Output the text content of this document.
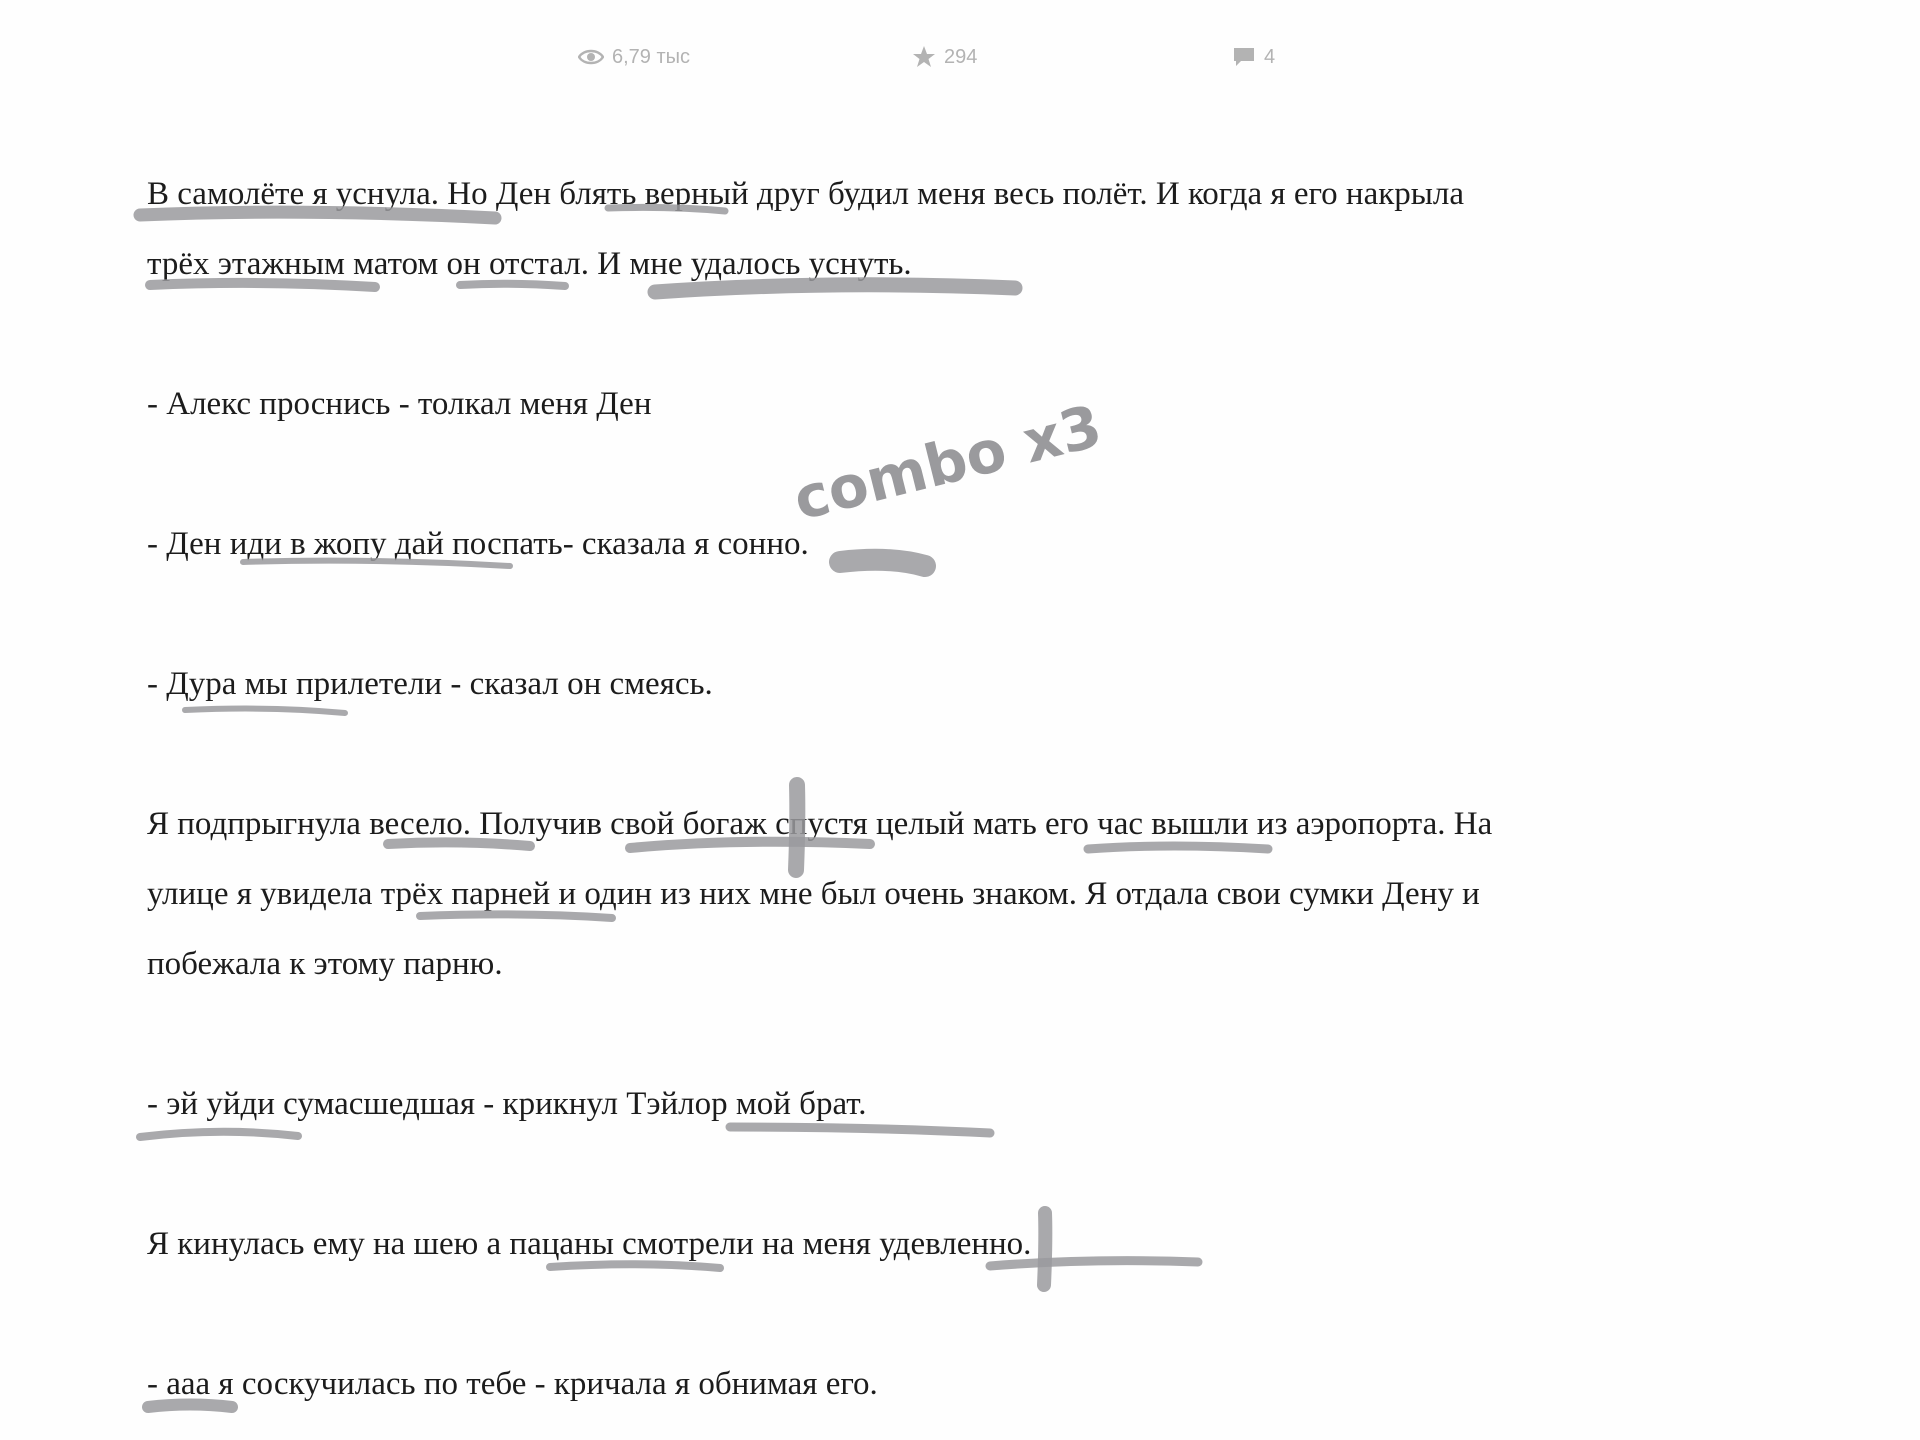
6,79 тыс	294	4

В самолёте я уснула. Но Ден блять верный друг будил меня весь полёт. И когда я его накрыла

трёх этажным матом он отстал. И мне удалось уснуть.

- Алекс проснись - толкал меня Ден

- Ден иди в жопу дай поспать- сказала я сонно.

- Дура мы прилетели - сказал он смеясь.

Я подпрыгнула весело. Получив свой богаж спустя целый мать его час вышли из аэропорта. На

улице я увидела трёх парней и один из них мне был очень знаком. Я отдала свои сумки Дену и

побежала к этому парню.

- эй уйди сумасшедшая - крикнул Тэйлор мой брат.

Я кинулась ему на шею а пацаны смотрели на меня удевленно.

- ааа я соскучилась по тебе - кричала я обнимая его.

combo x3
